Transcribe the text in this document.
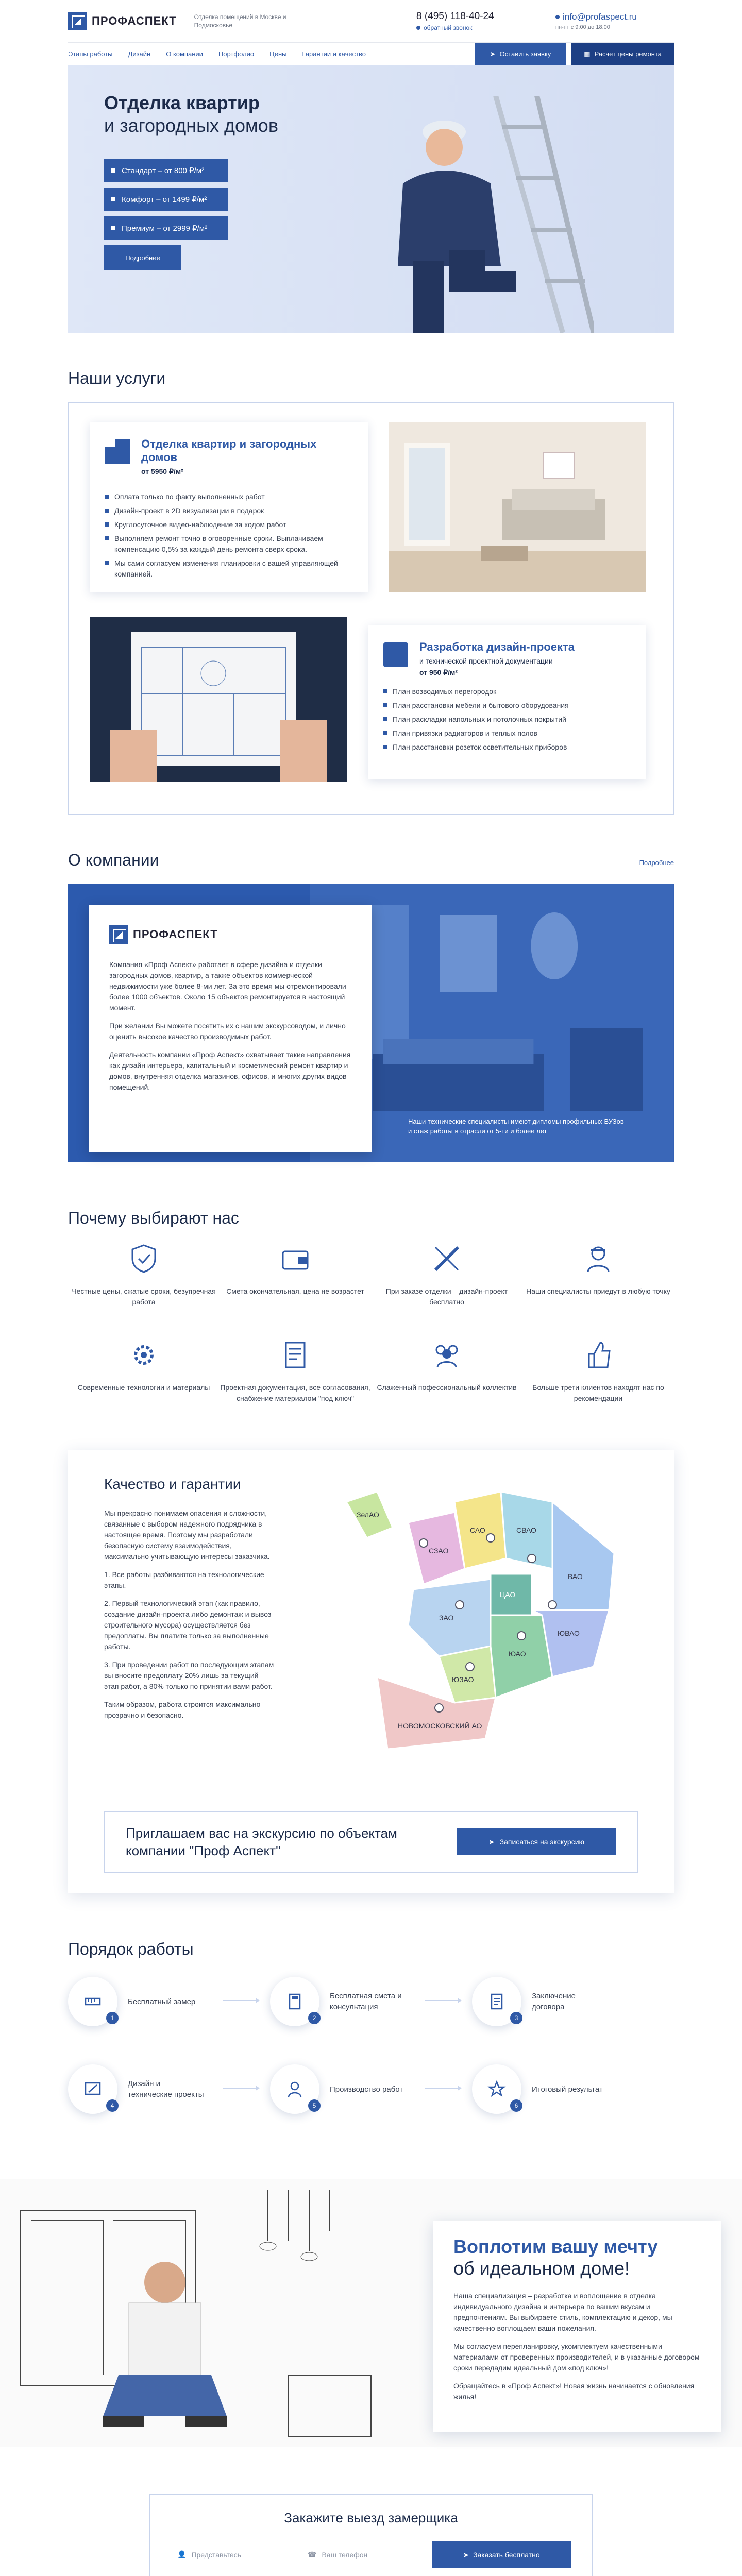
ПРОФАСПЕКТ	Отделка помещений в Москве и Подмосковье
8 (495) 118-40-24
обратный звонок
info@profaspect.ru
пн-пт с 9:00 до 18:00
Этапы работы Дизайн О компании Портфолио Цены Гарантии и качество	➤ Оставить заявку	▦ Расчет цены ремонта
Отделка квартир
и загородных домов
Стандарт – от 800 ₽/м²
Комфорт – от 1499 ₽/м²
Премиум – от 2999 ₽/м²
Подробнее
Наши услуги
Отделка квартир и загородных домов
от 5950 ₽/м²
Оплата только по факту выполненных работ
Дизайн-проект в 2D визуализации в подарок
Круглосуточное видео-наблюдение за ходом работ
Выполняем ремонт точно в оговоренные сроки. Выплачиваем компенсацию 0,5% за каждый день ремонта сверх срока.
Мы сами согласуем изменения планировки с вашей управляющей компанией.
Разработка дизайн-проекта
и технической проектной документации
от 950 ₽/м²
План возводимых перегородок
План расстановки мебели и бытового оборудования
План раскладки напольных и потолочных покрытий
План привязки радиаторов и теплых полов
План расстановки розеток осветительных приборов
О компании	Подробнее
ПРОФАСПЕКТ

Компания «Проф Аспект» работает в сфере дизайна и отделки загородных домов, квартир, а также объектов коммерческой недвижимости уже более 8-ми лет. За это время мы отремонтировали более 1000 объектов. Около 15 объектов ремонтируется в настоящий момент.

При желании Вы можете посетить их с нашим экскурсоводом, и лично оценить высокое качество производимых работ.

Деятельность компании «Проф Аспект» охватывает такие направления как дизайн интерьера, капитальный и косметический ремонт квартир и домов, внутренняя отделка магазинов, офисов, и многих других видов помещений.

Наши технические специалисты имеют дипломы профильных ВУЗов и стаж работы в отрасли от 5-ти и более лет
Почему выбирают нас
Честные цены, сжатые сроки, безупречная работа
Смета окончательная, цена не возрастет	При заказе отделки – дизайн-проект бесплатно
Наши специалисты приедут в любую точку
Современные технологии и материалы	Проектная документация, все согласования, снабжение материалом "под ключ"
Слаженный пофессиональный коллектив	Больше трети клиентов находят нас по рекомендации
Качество и гарантии

Мы прекрасно понимаем опасения и сложности, связанные с выбором надежного подрядчика в настоящее время. Поэтому мы разработали безопасную систему взаимодействия, максимально учитывающую интересы заказчика.

1. Все работы разбиваются на технологические этапы.

2. Первый технологический этап (как правило, создание дизайн-проекта либо демонтаж и вывоз строительного мусора) осуществляется без предоплаты. Вы платите только за выполненные работы.

3. При проведении работ по последующим этапам вы вносите предоплату 20% лишь за текущий этап работ, а 80% только по принятии вами работ.

Таким образом, работа строится максимально прозрачно и безопасно.

ЗелАО
СЗАО
САО	СВАО
ВАО
ЦАО
ЗАО
ЮЗАО
ЮАО
ЮВАО
НОВОМОСКОВСКИЙ АО
Приглашаем вас на экскурсию по объектам компании "Проф Аспект"
➤ Записаться на экскурсию
Порядок работы
1
Бесплатный замер
2
Бесплатная смета и консультация
3
Заключение договора
4
Дизайн и технические проекты
5
Производство работ
6
Итоговый результат
Воплотим вашу мечту
об идеальном доме!

Наша специализация – разработка и воплощение в отделка индивидуального дизайна и интерьера по вашим вкусам и предпочтениям. Вы выбираете стиль, комплектацию и декор, мы качественно воплощаем ваши пожелания.

Мы согласуем перепланировку, укомплектуем качественными материалами от проверенных производителей, и в указанные договором сроки передадим идеальный дом «под ключ»!

Обращайтесь в «Проф Аспект»! Новая жизнь начинается с обновления жилья!

Закажите выезд замерщика
👤 Представьтесь	☎ Ваш телефон	➤ Заказать бесплатно
